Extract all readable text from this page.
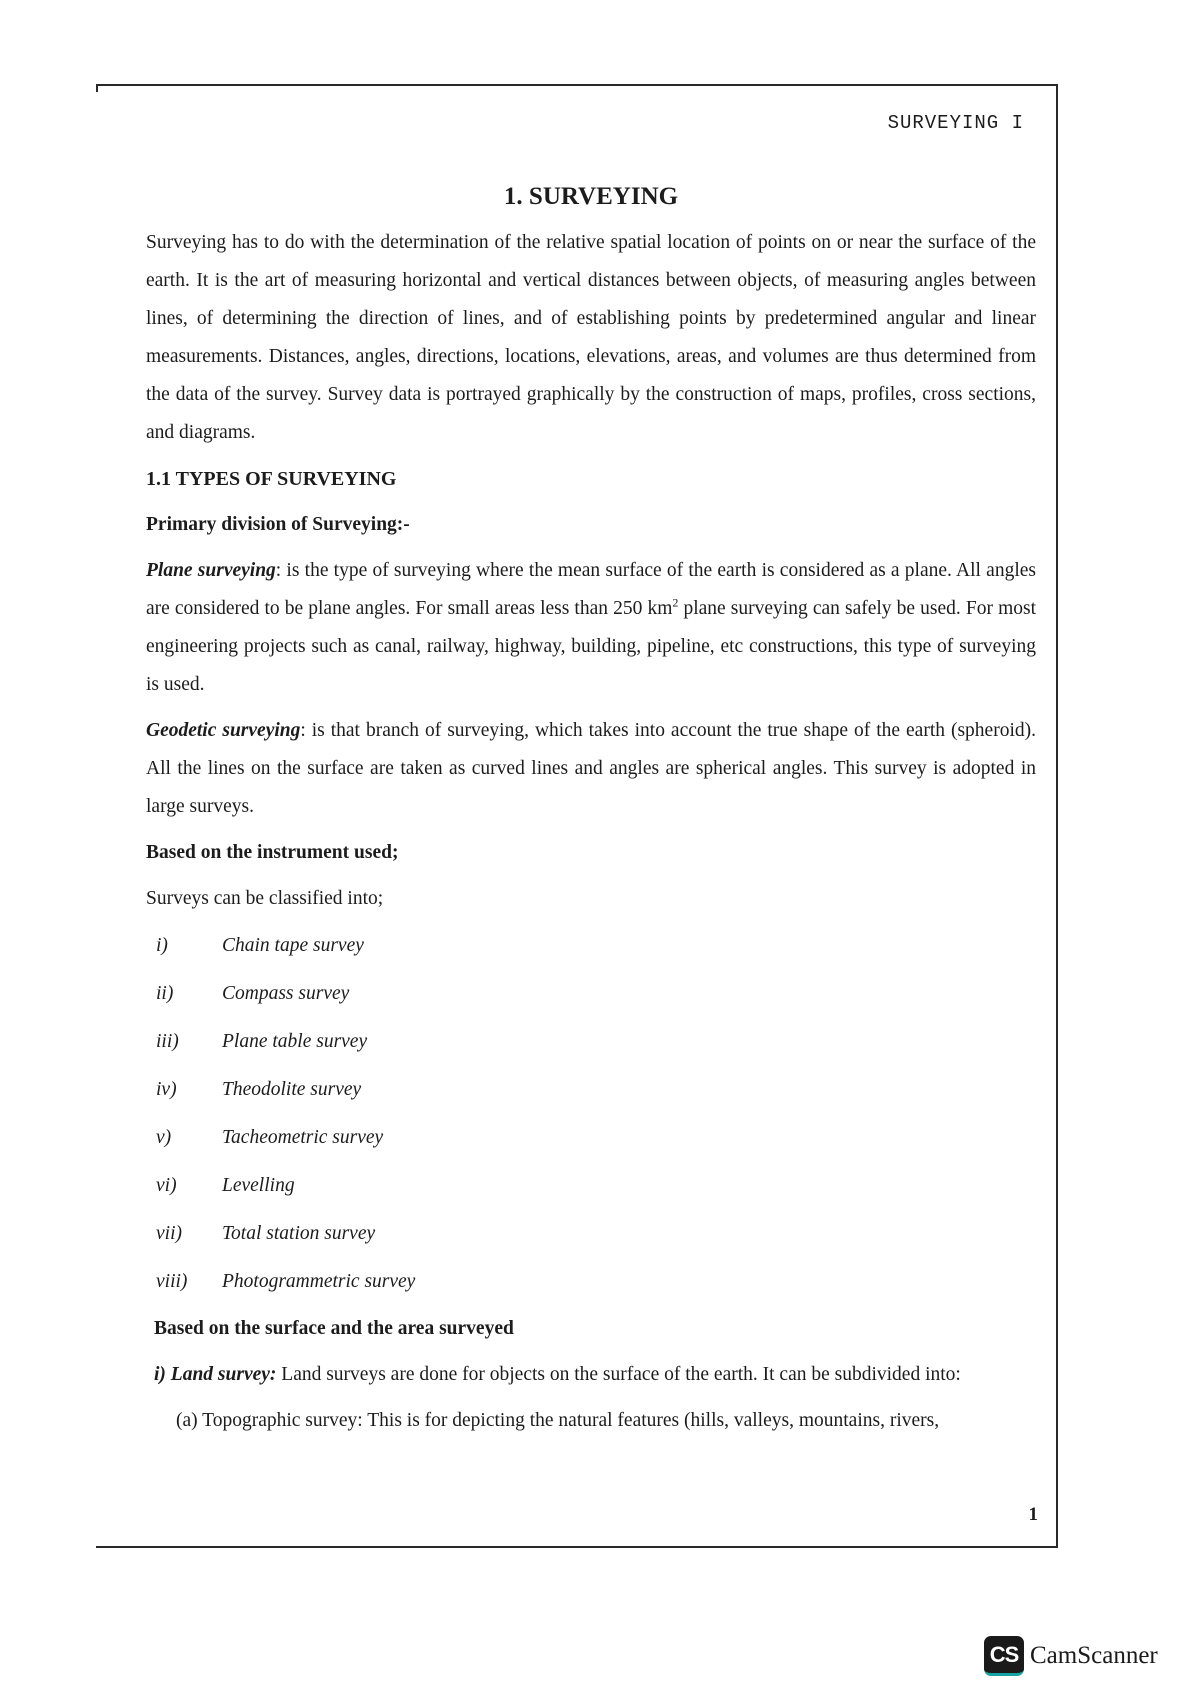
SURVEYING I
1. SURVEYING

Surveying has to do with the determination of the relative spatial location of points on or near the surface of the earth. It is the art of measuring horizontal and vertical distances between objects, of measuring angles between lines, of determining the direction of lines, and of establishing points by predetermined angular and linear measurements. Distances, angles, directions, locations, elevations, areas, and volumes are thus determined from the data of the survey. Survey data is portrayed graphically by the construction of maps, profiles, cross sections, and diagrams.

1.1 TYPES OF SURVEYING
Primary division of Surveying:-

Plane surveying: is the type of surveying where the mean surface of the earth is considered as a plane. All angles are considered to be plane angles. For small areas less than 250 $km^2$ plane surveying can safely be used. For most engineering projects such as canal, railway, highway, building, pipeline, etc constructions, this type of surveying is used.

Geodetic surveying: is that branch of surveying, which takes into account the true shape of the earth (spheroid). All the lines on the surface are taken as curved lines and angles are spherical angles. This survey is adopted in large surveys.

Based on the instrument used;
Surveys can be classified into;
i)	Chain tape survey
ii)	Compass survey
iii)	Plane table survey
iv)	Theodolite survey
v)	Tacheometric survey
vi)	Levelling
vii)	Total station survey
viii)	Photogrammetric survey
Based on the surface and the area surveyed

i) Land survey: Land surveys are done for objects on the surface of the earth. It can be subdivided into:

(a) Topographic survey: This is for depicting the natural features (hills, valleys, mountains, rivers,

1
CS CamScanner
